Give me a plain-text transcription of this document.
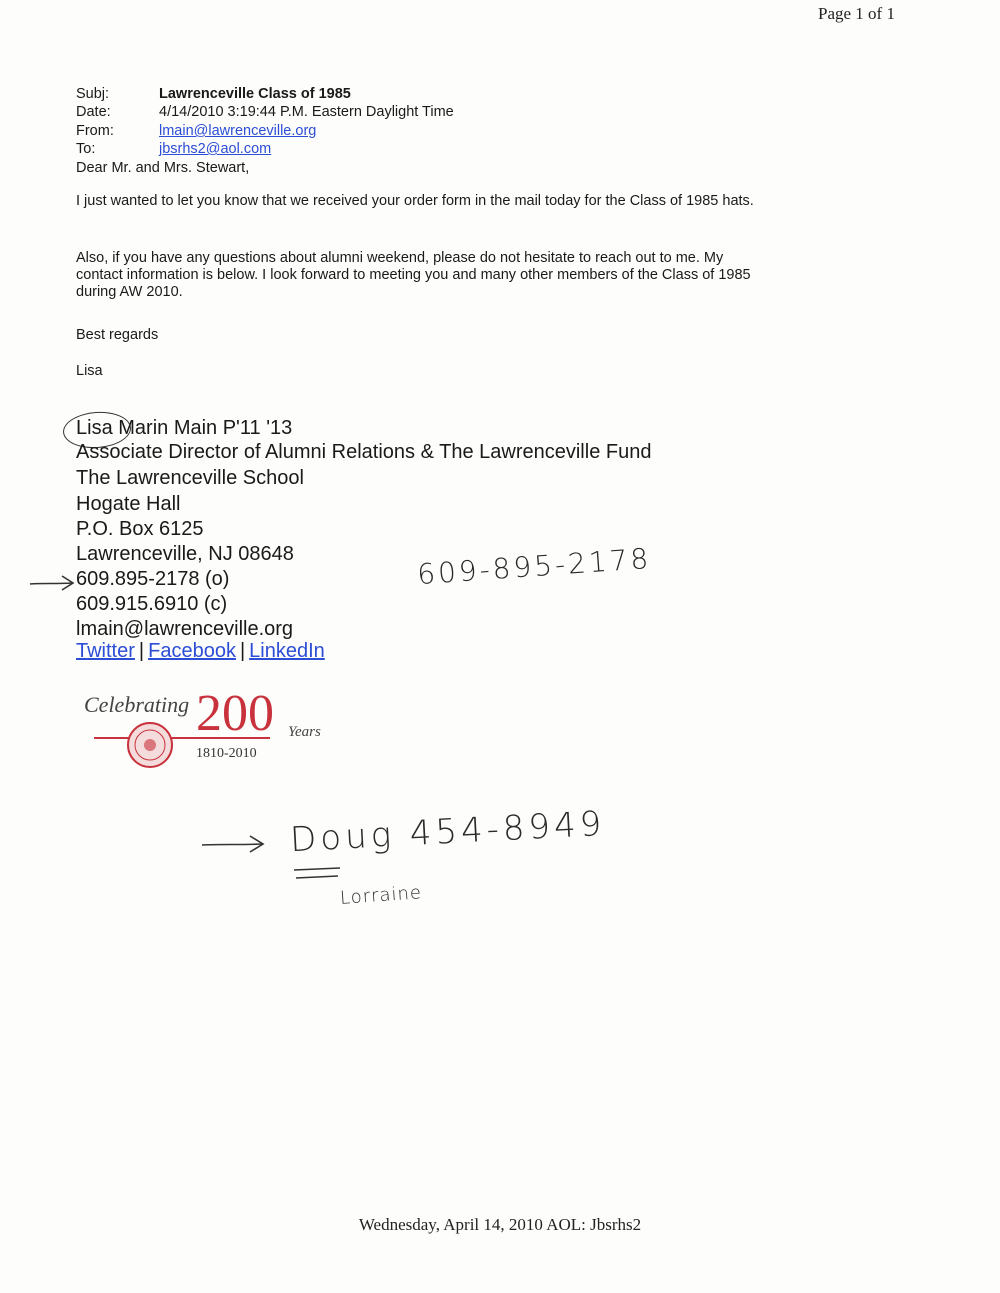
Page 1 of 1
Subj:	Lawrenceville Class of 1985
Date:	4/14/2010 3:19:44 P.M. Eastern Daylight Time
From:	lmain@lawrenceville.org
To:	jbsrhs2@aol.com
Dear Mr. and Mrs. Stewart,
I just wanted to let you know that we received your order form in the mail today for the Class of 1985 hats.
Also, if you have any questions about alumni weekend, please do not hesitate to reach out to me. My
contact information is below. I look forward to meeting you and many other members of the Class of 1985
during AW 2010.
Best regards
Lisa
Lisa Marin Main P'11 '13
Associate Director of Alumni Relations & The Lawrenceville Fund
The Lawrenceville School
Hogate Hall
P.O. Box 6125
Lawrenceville, NJ 08648
609.895-2178 (o)
609.915.6910 (c)
lmain@lawrenceville.org
Twitter | Facebook | LinkedIn
609-895-2178
Celebrating 200 Years
1810-2010
Doug 454-8949
Lorraine
Wednesday, April 14, 2010 AOL: Jbsrhs2
